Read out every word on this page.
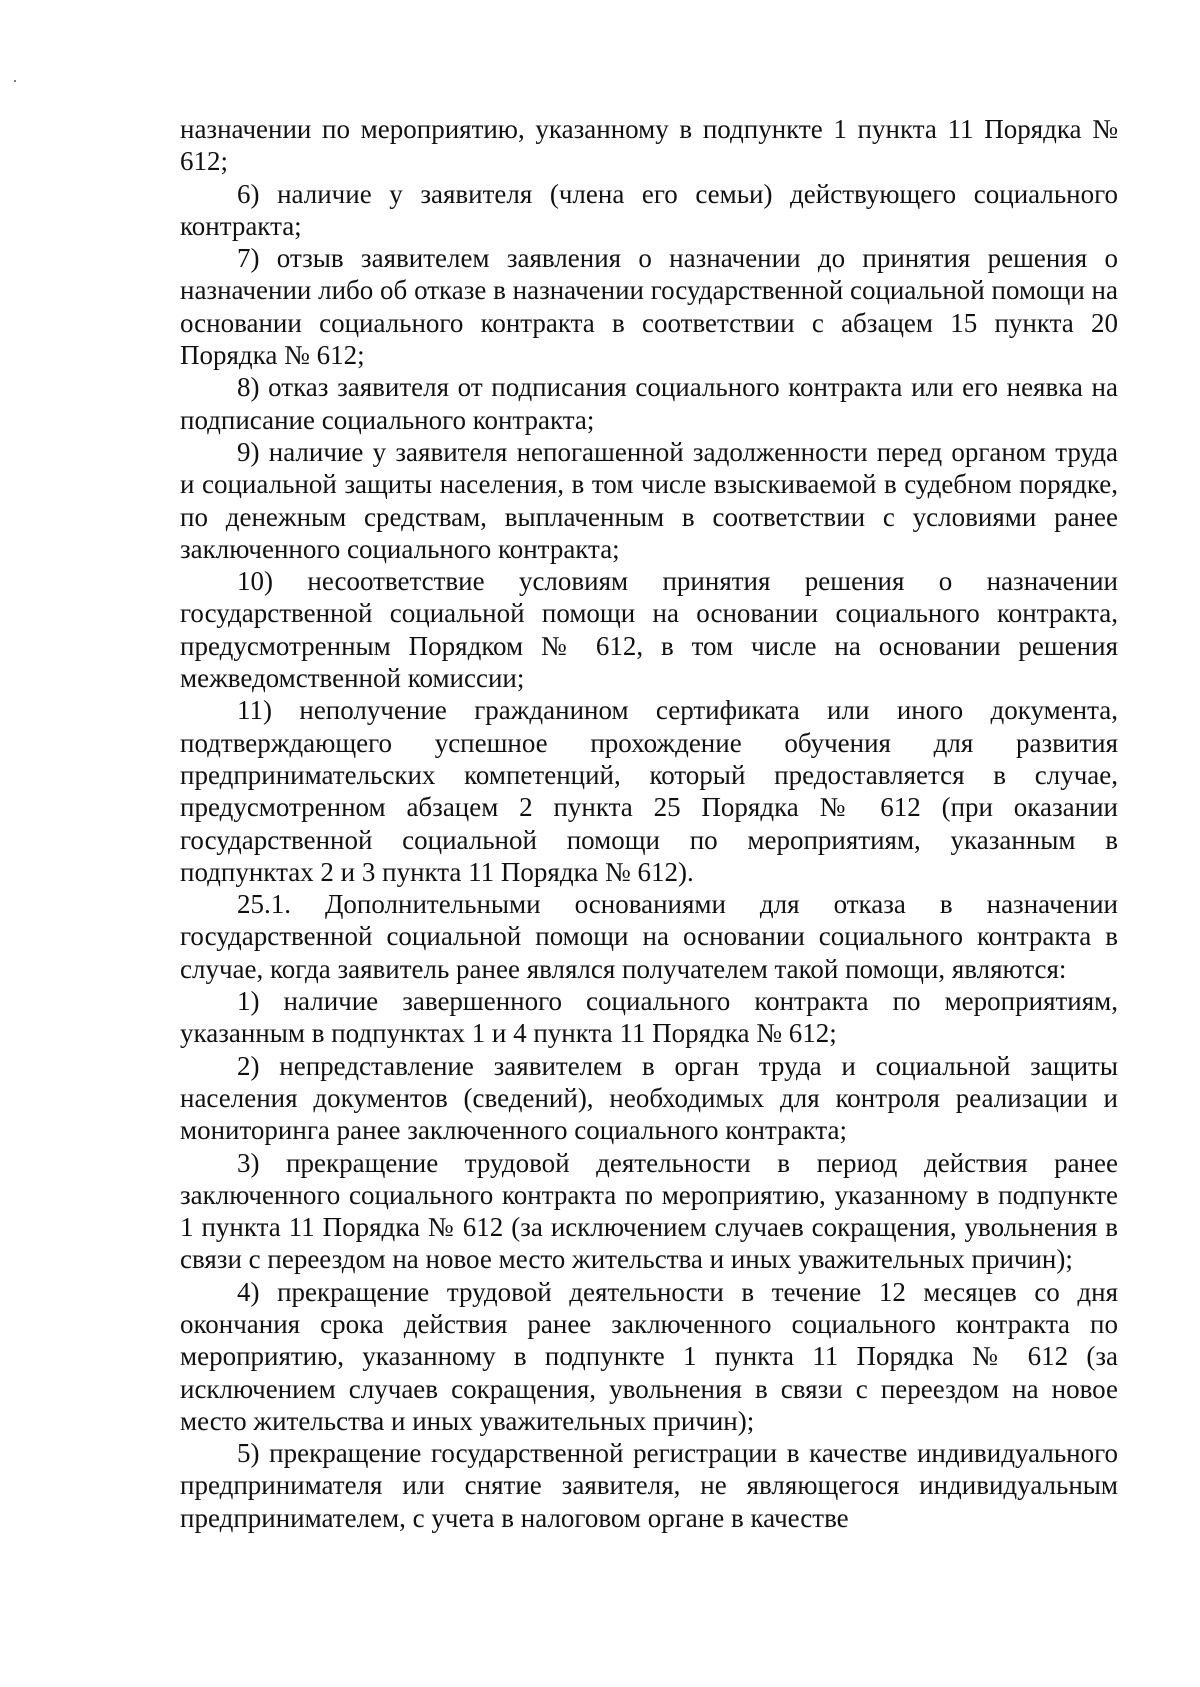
назначении по мероприятию, указанному в подпункте 1 пункта 11 Порядка № 612;

6) наличие у заявителя (члена его семьи) действующего социального контракта;

7) отзыв заявителем заявления о назначении до принятия решения о назначении либо об отказе в назначении государственной социальной помощи на основании социального контракта в соответствии с абзацем 15 пункта 20 Порядка № 612;

8) отказ заявителя от подписания социального контракта или его неявка на подписание социального контракта;

9) наличие у заявителя непогашенной задолженности перед органом труда и социальной защиты населения, в том числе взыскиваемой в судебном порядке, по денежным средствам, выплаченным в соответствии с условиями ранее заключенного социального контракта;

10) несоответствие условиям принятия решения о назначении государственной социальной помощи на основании социального контракта, предусмотренным Порядком № 612, в том числе на основании решения межведомственной комиссии;

11) неполучение гражданином сертификата или иного документа, подтверждающего успешное прохождение обучения для развития предпринимательских компетенций, который предоставляется в случае, предусмотренном абзацем 2 пункта 25 Порядка № 612 (при оказании государственной социальной помощи по мероприятиям, указанным в подпунктах 2 и 3 пункта 11 Порядка № 612).

25.1. Дополнительными основаниями для отказа в назначении государственной социальной помощи на основании социального контракта в случае, когда заявитель ранее являлся получателем такой помощи, являются:

1) наличие завершенного социального контракта по мероприятиям, указанным в подпунктах 1 и 4 пункта 11 Порядка № 612;

2) непредставление заявителем в орган труда и социальной защиты населения документов (сведений), необходимых для контроля реализации и мониторинга ранее заключенного социального контракта;

3) прекращение трудовой деятельности в период действия ранее заключенного социального контракта по мероприятию, указанному в подпункте 1 пункта 11 Порядка № 612 (за исключением случаев сокращения, увольнения в связи с переездом на новое место жительства и иных уважительных причин);

4) прекращение трудовой деятельности в течение 12 месяцев со дня окончания срока действия ранее заключенного социального контракта по мероприятию, указанному в подпункте 1 пункта 11 Порядка № 612 (за исключением случаев сокращения, увольнения в связи с переездом на новое место жительства и иных уважительных причин);

5) прекращение государственной регистрации в качестве индивидуального предпринимателя или снятие заявителя, не являющегося индивидуальным предпринимателем, с учета в налоговом органе в качестве
